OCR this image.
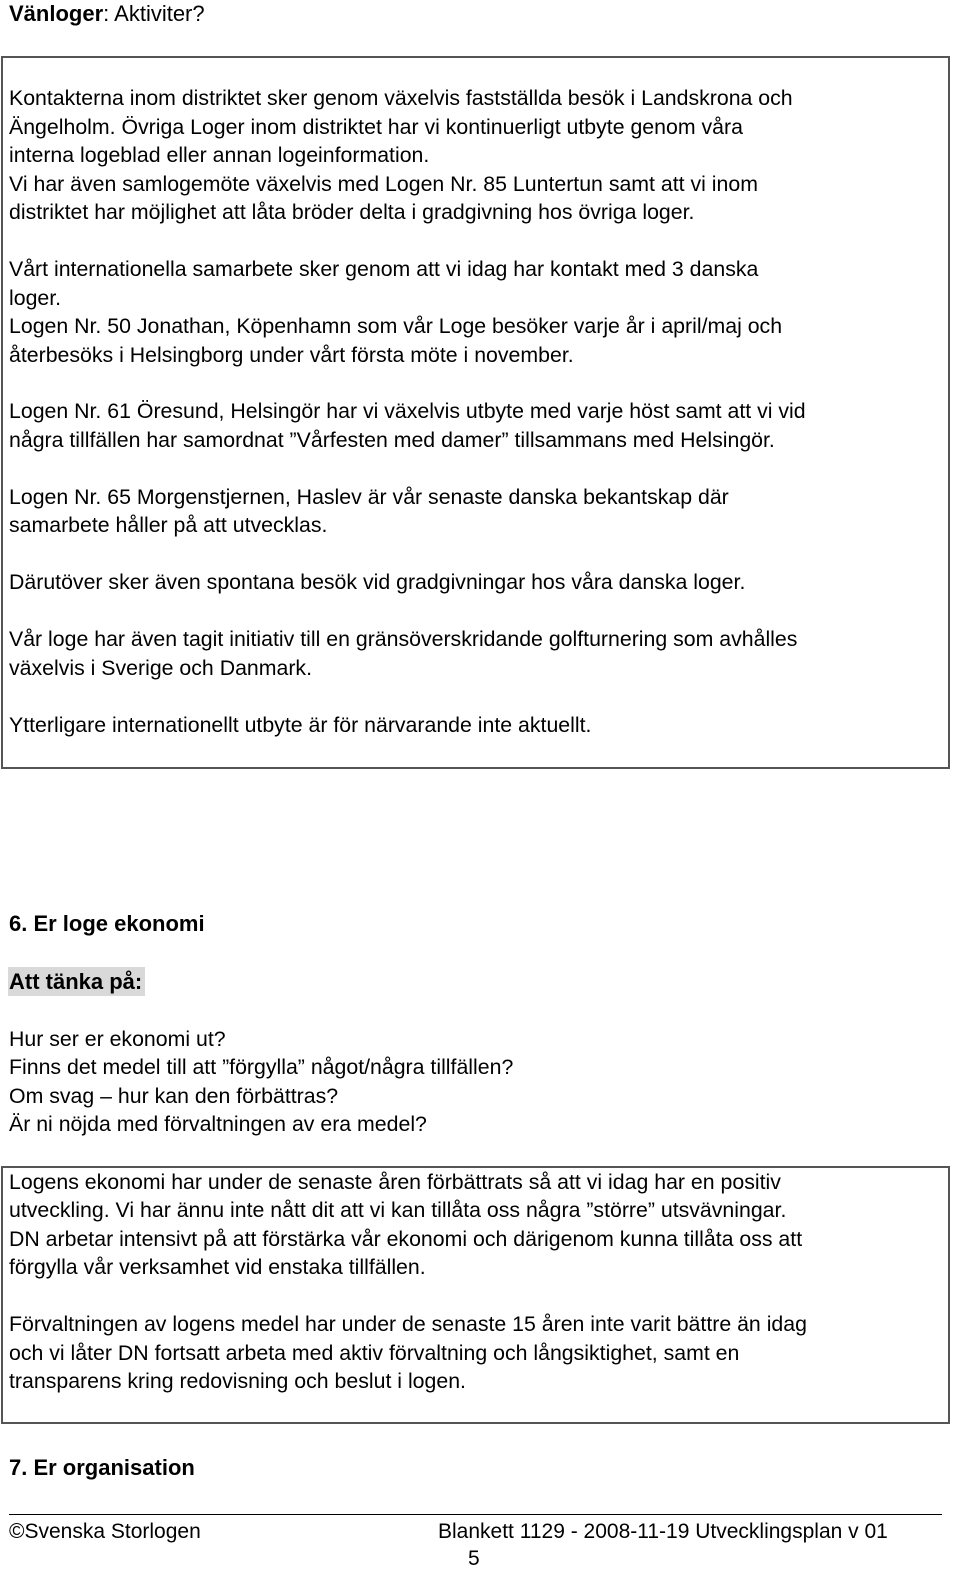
Vänloger: Aktiviter?
Kontakterna inom distriktet sker genom växelvis fastställda besök i Landskrona och
Ängelholm. Övriga Loger inom distriktet har vi kontinuerligt utbyte genom våra
interna logeblad eller annan logeinformation.
Vi har även samlogemöte växelvis med Logen Nr. 85 Luntertun samt att vi inom
distriktet har möjlighet att låta bröder delta i gradgivning hos övriga loger.
Vårt internationella samarbete sker genom att vi idag har kontakt med 3 danska
loger.
Logen Nr. 50 Jonathan, Köpenhamn som vår Loge besöker varje år i april/maj och
återbesöks i Helsingborg under vårt första möte i november.
Logen Nr. 61 Öresund, Helsingör har vi växelvis utbyte med varje höst samt att vi vid
några tillfällen har samordnat ”Vårfesten med damer” tillsammans med Helsingör.
Logen Nr. 65 Morgenstjernen, Haslev är vår senaste danska bekantskap där
samarbete håller på att utvecklas.
Därutöver sker även spontana besök vid gradgivningar hos våra danska loger.
Vår loge har även tagit initiativ till en gränsöverskridande golfturnering som avhålles
växelvis i Sverige och Danmark.
Ytterligare internationellt utbyte är för närvarande inte aktuellt.
6. Er loge ekonomi
Att tänka på:
Hur ser er ekonomi ut?
Finns det medel till att ”förgylla” något/några tillfällen?
Om svag – hur kan den förbättras?
Är ni nöjda med förvaltningen av era medel?
Logens ekonomi har under de senaste åren förbättrats så att vi idag har en positiv
utveckling. Vi har ännu inte nått dit att vi kan tillåta oss några ”större” utsvävningar.
DN arbetar intensivt på att förstärka vår ekonomi och därigenom kunna tillåta oss att
förgylla vår verksamhet vid enstaka tillfällen.
Förvaltningen av logens medel har under de senaste 15 åren inte varit bättre än idag
och vi låter DN fortsatt arbeta med aktiv förvaltning och långsiktighet, samt en
transparens kring redovisning och beslut i logen.
7. Er organisation
©Svenska Storlogen	Blankett 1129 - 2008-11-19 Utvecklingsplan v 01
5
